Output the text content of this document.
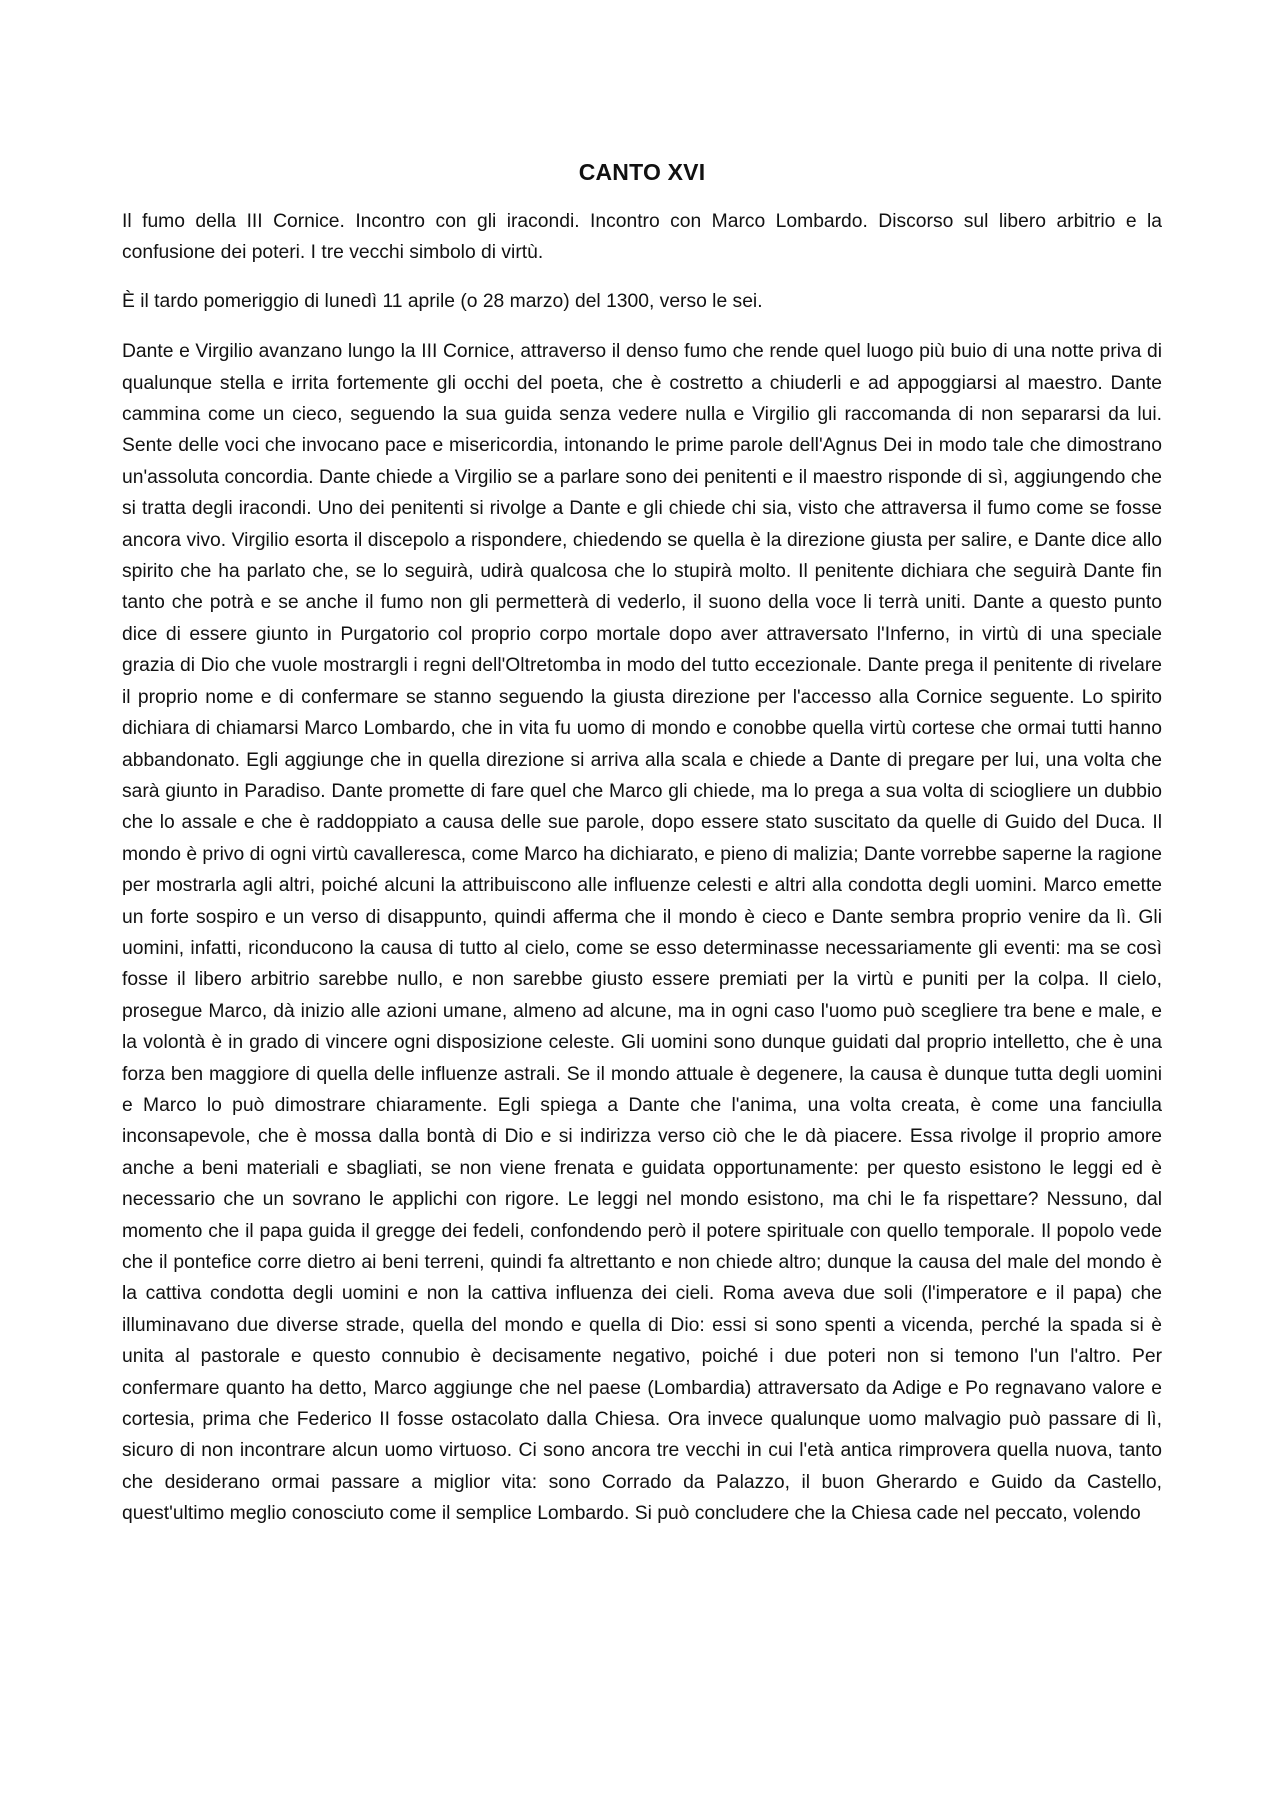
CANTO XVI

Il fumo della III Cornice. Incontro con gli iracondi. Incontro con Marco Lombardo. Discorso sul libero arbitrio e la confusione dei poteri. I tre vecchi simbolo di virtù.

È il tardo pomeriggio di lunedì 11 aprile (o 28 marzo) del 1300, verso le sei.

Dante e Virgilio avanzano lungo la III Cornice, attraverso il denso fumo che rende quel luogo più buio di una notte priva di qualunque stella e irrita fortemente gli occhi del poeta, che è costretto a chiuderli e ad appoggiarsi al maestro. Dante cammina come un cieco, seguendo la sua guida senza vedere nulla e Virgilio gli raccomanda di non separarsi da lui. Sente delle voci che invocano pace e misericordia, intonando le prime parole dell'Agnus Dei in modo tale che dimostrano un'assoluta concordia. Dante chiede a Virgilio se a parlare sono dei penitenti e il maestro risponde di sì, aggiungendo che si tratta degli iracondi. Uno dei penitenti si rivolge a Dante e gli chiede chi sia, visto che attraversa il fumo come se fosse ancora vivo. Virgilio esorta il discepolo a rispondere, chiedendo se quella è la direzione giusta per salire, e Dante dice allo spirito che ha parlato che, se lo seguirà, udirà qualcosa che lo stupirà molto. Il penitente dichiara che seguirà Dante fin tanto che potrà e se anche il fumo non gli permetterà di vederlo, il suono della voce li terrà uniti. Dante a questo punto dice di essere giunto in Purgatorio col proprio corpo mortale dopo aver attraversato l'Inferno, in virtù di una speciale grazia di Dio che vuole mostrargli i regni dell'Oltretomba in modo del tutto eccezionale. Dante prega il penitente di rivelare il proprio nome e di confermare se stanno seguendo la giusta direzione per l'accesso alla Cornice seguente. Lo spirito dichiara di chiamarsi Marco Lombardo, che in vita fu uomo di mondo e conobbe quella virtù cortese che ormai tutti hanno abbandonato. Egli aggiunge che in quella direzione si arriva alla scala e chiede a Dante di pregare per lui, una volta che sarà giunto in Paradiso. Dante promette di fare quel che Marco gli chiede, ma lo prega a sua volta di sciogliere un dubbio che lo assale e che è raddoppiato a causa delle sue parole, dopo essere stato suscitato da quelle di Guido del Duca. Il mondo è privo di ogni virtù cavalleresca, come Marco ha dichiarato, e pieno di malizia; Dante vorrebbe saperne la ragione per mostrarla agli altri, poiché alcuni la attribuiscono alle influenze celesti e altri alla condotta degli uomini. Marco emette un forte sospiro e un verso di disappunto, quindi afferma che il mondo è cieco e Dante sembra proprio venire da lì. Gli uomini, infatti, riconducono la causa di tutto al cielo, come se esso determinasse necessariamente gli eventi: ma se così fosse il libero arbitrio sarebbe nullo, e non sarebbe giusto essere premiati per la virtù e puniti per la colpa. Il cielo, prosegue Marco, dà inizio alle azioni umane, almeno ad alcune, ma in ogni caso l'uomo può scegliere tra bene e male, e la volontà è in grado di vincere ogni disposizione celeste. Gli uomini sono dunque guidati dal proprio intelletto, che è una forza ben maggiore di quella delle influenze astrali. Se il mondo attuale è degenere, la causa è dunque tutta degli uomini e Marco lo può dimostrare chiaramente. Egli spiega a Dante che l'anima, una volta creata, è come una fanciulla inconsapevole, che è mossa dalla bontà di Dio e si indirizza verso ciò che le dà piacere. Essa rivolge il proprio amore anche a beni materiali e sbagliati, se non viene frenata e guidata opportunamente: per questo esistono le leggi ed è necessario che un sovrano le applichi con rigore. Le leggi nel mondo esistono, ma chi le fa rispettare? Nessuno, dal momento che il papa guida il gregge dei fedeli, confondendo però il potere spirituale con quello temporale. Il popolo vede che il pontefice corre dietro ai beni terreni, quindi fa altrettanto e non chiede altro; dunque la causa del male del mondo è la cattiva condotta degli uomini e non la cattiva influenza dei cieli. Roma aveva due soli (l'imperatore e il papa) che illuminavano due diverse strade, quella del mondo e quella di Dio: essi si sono spenti a vicenda, perché la spada si è unita al pastorale e questo connubio è decisamente negativo, poiché i due poteri non si temono l'un l'altro. Per confermare quanto ha detto, Marco aggiunge che nel paese (Lombardia) attraversato da Adige e Po regnavano valore e cortesia, prima che Federico II fosse ostacolato dalla Chiesa. Ora invece qualunque uomo malvagio può passare di lì, sicuro di non incontrare alcun uomo virtuoso. Ci sono ancora tre vecchi in cui l'età antica rimprovera quella nuova, tanto che desiderano ormai passare a miglior vita: sono Corrado da Palazzo, il buon Gherardo e Guido da Castello, quest'ultimo meglio conosciuto come il semplice Lombardo. Si può concludere che la Chiesa cade nel peccato, volendo
